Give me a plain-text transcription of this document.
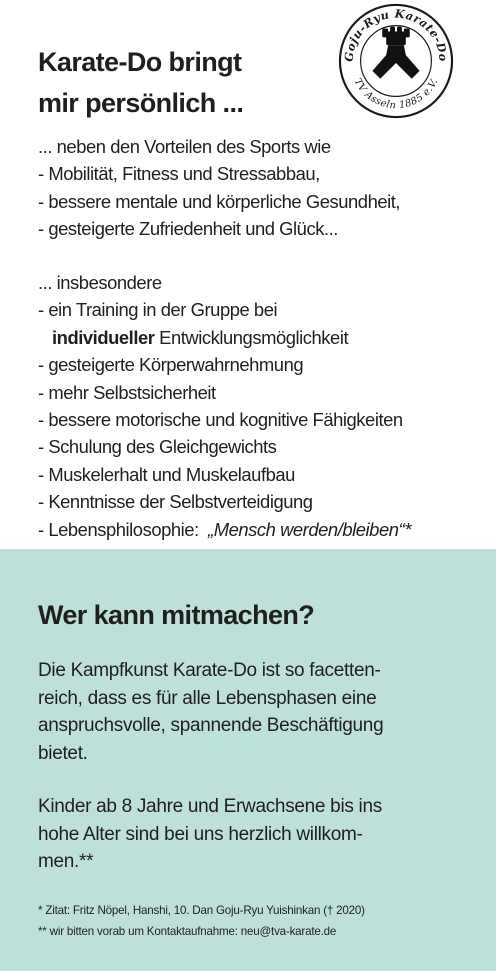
Karate-Do bringt
mir persönlich ...
Goju-Ryu Karate-Do
TV Asseln 1885 e.V.
... neben den Vorteilen des Sports wie
- Mobilität, Fitness und Stressabbau,
- bessere mentale und körperliche Gesundheit,
- gesteigerte Zufriedenheit und Glück...
... insbesondere
- ein Training in der Gruppe bei
individueller Entwicklungsmöglichkeit
- gesteigerte Körperwahrnehmung
- mehr Selbstsicherheit
- bessere motorische und kognitive Fähigkeiten
- Schulung des Gleichgewichts
- Muskelerhalt und Muskelaufbau
- Kenntnisse der Selbstverteidigung
- Lebensphilosophie:  „Mensch werden/bleiben“*
Wer kann mitmachen?

Die Kampfkunst Karate-Do ist so facetten-
reich, dass es für alle Lebensphasen eine
anspruchsvolle, spannende Beschäftigung
bietet.

Kinder ab 8 Jahre und Erwachsene bis ins
hohe Alter sind bei uns herzlich willkom-
men.**

* Zitat: Fritz Nöpel, Hanshi, 10. Dan Goju-Ryu Yuishinkan († 2020)

** wir bitten vorab um Kontaktaufnahme: neu@tva-karate.de
